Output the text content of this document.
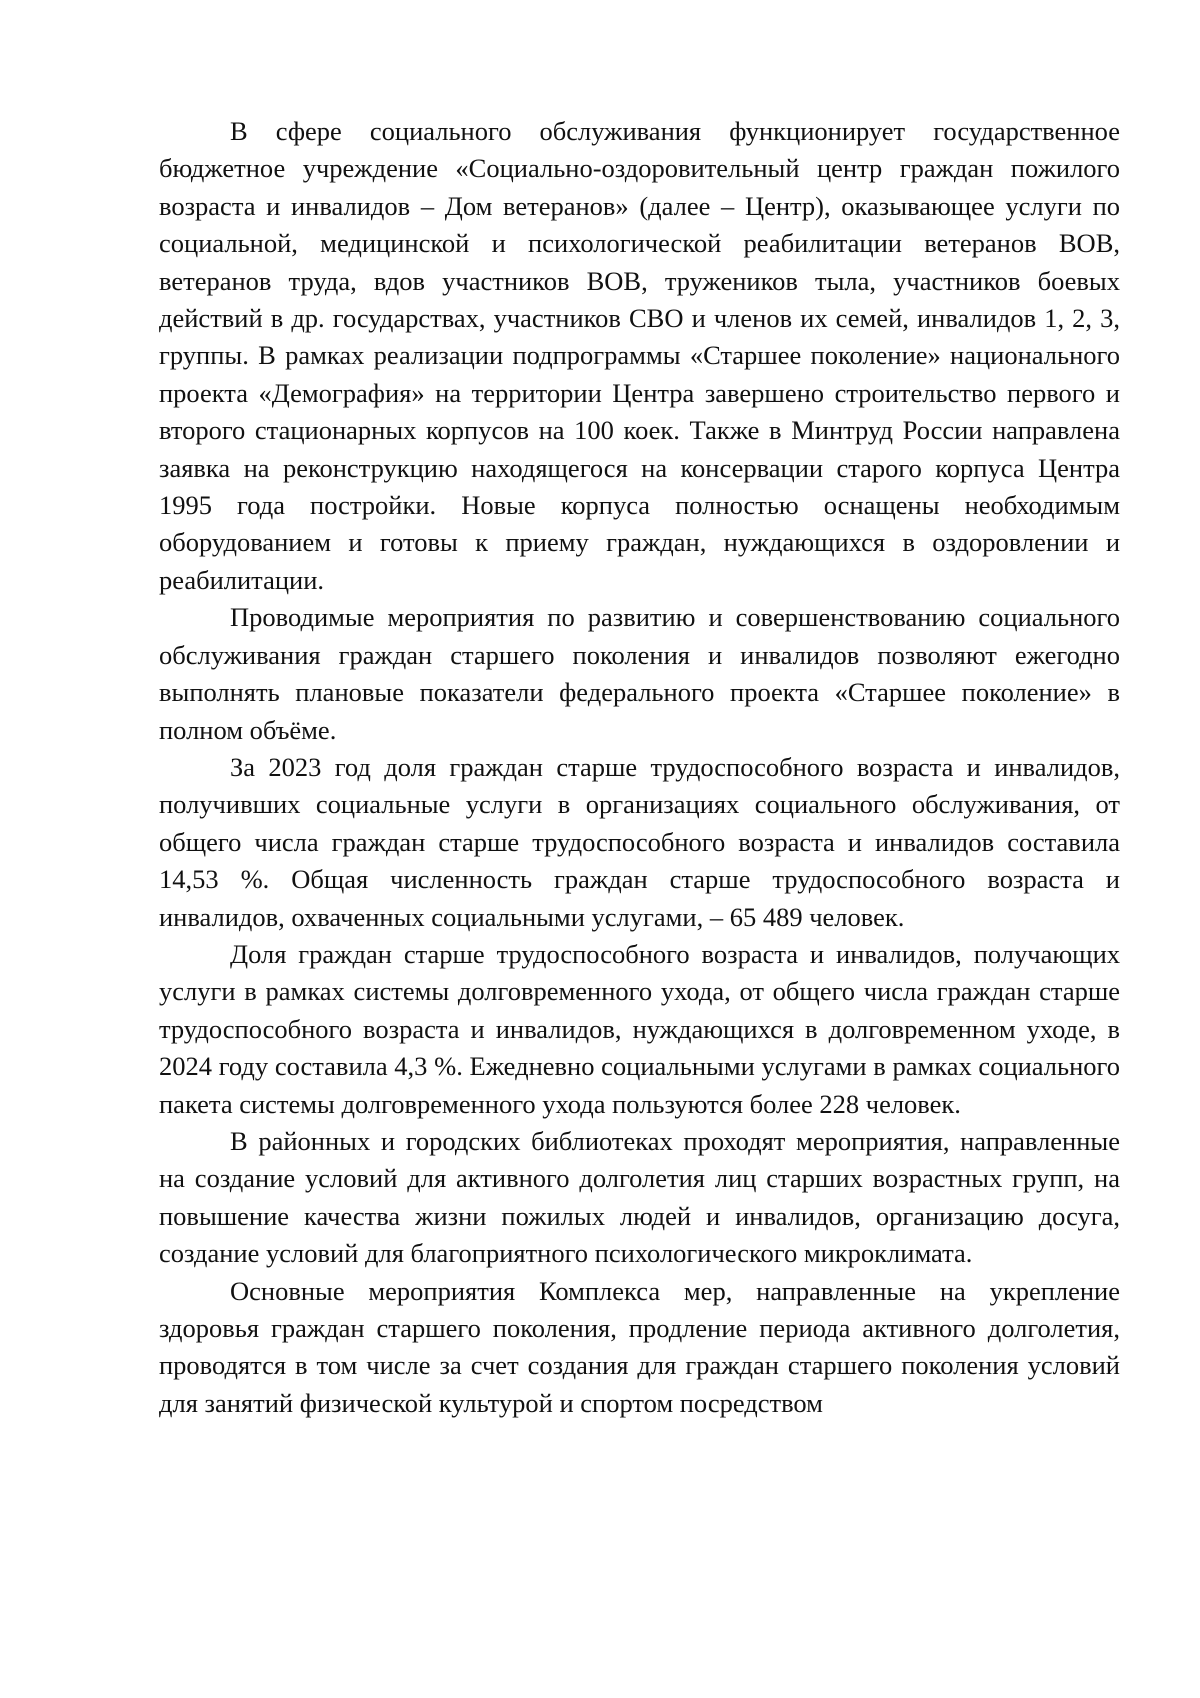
В сфере социального обслуживания функционирует государственное бюджетное учреждение «Социально-оздоровительный центр граждан пожилого возраста и инвалидов – Дом ветеранов» (далее – Центр), оказывающее услуги по социальной, медицинской и психологической реабилитации ветеранов ВОВ, ветеранов труда, вдов участников ВОВ, тружеников тыла, участников боевых действий в др. государствах, участников СВО и членов их семей, инвалидов 1, 2, 3, группы. В рамках реализации подпрограммы «Старшее поколение» национального проекта «Демография» на территории Центра завершено строительство первого и второго стационарных корпусов на 100 коек. Также в Минтруд России направлена заявка на реконструкцию находящегося на консервации старого корпуса Центра 1995 года постройки. Новые корпуса полностью оснащены необходимым оборудованием и готовы к приему граждан, нуждающихся в оздоровлении и реабилитации.

Проводимые мероприятия по развитию и совершенствованию социального обслуживания граждан старшего поколения и инвалидов позволяют ежегодно выполнять плановые показатели федерального проекта «Старшее поколение» в полном объёме.

За 2023 год доля граждан старше трудоспособного возраста и инвалидов, получивших социальные услуги в организациях социального обслуживания, от общего числа граждан старше трудоспособного возраста и инвалидов составила 14,53 %. Общая численность граждан старше трудоспособного возраста и инвалидов, охваченных социальными услугами, – 65 489 человек.

Доля граждан старше трудоспособного возраста и инвалидов, получающих услуги в рамках системы долговременного ухода, от общего числа граждан старше трудоспособного возраста и инвалидов, нуждающихся в долговременном уходе, в 2024 году составила 4,3 %. Ежедневно социальными услугами в рамках социального пакета системы долговременного ухода пользуются более 228 человек.

В районных и городских библиотеках проходят мероприятия, направленные на создание условий для активного долголетия лиц старших возрастных групп, на повышение качества жизни пожилых людей и инвалидов, организацию досуга, создание условий для благоприятного психологического микроклимата.

Основные мероприятия Комплекса мер, направленные на укрепление здоровья граждан старшего поколения, продление периода активного долголетия, проводятся в том числе за счет создания для граждан старшего поколения условий для занятий физической культурой и спортом посредством
